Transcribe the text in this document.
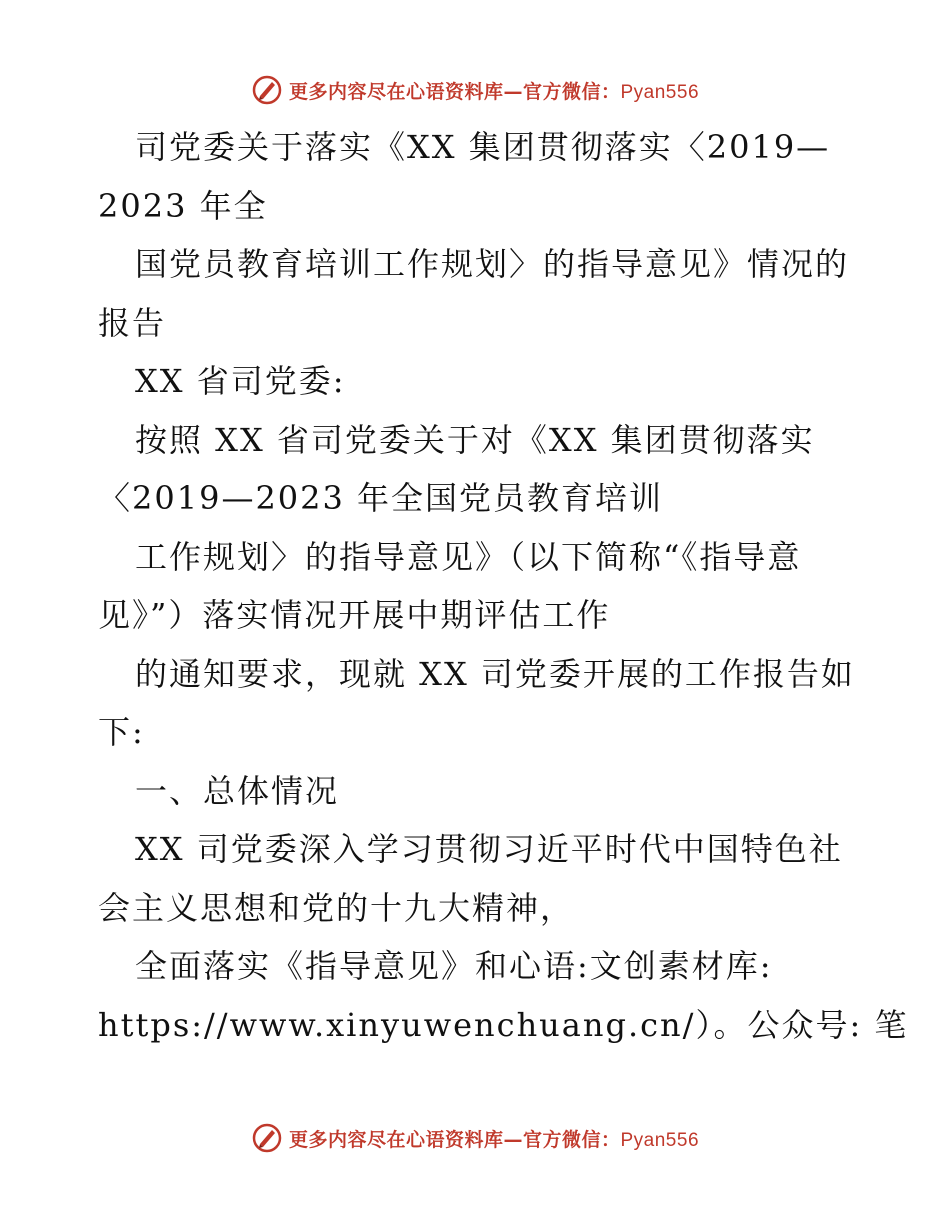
更多内容尽在心语资料库—官方微信：Pyan556
司党委关于落实《XX 集团贯彻落实〈2019—
2023 年全
国党员教育培训工作规划〉的指导意见》情况的
报告
XX 省司党委:
按照 XX 省司党委关于对《XX 集团贯彻落实
〈2019—2023 年全国党员教育培训
工作规划〉的指导意见》（以下简称“《指导意
见》”）落实情况开展中期评估工作
的通知要求，现就 XX 司党委开展的工作报告如
下:
一、总体情况
XX 司党委深入学习贯彻习近平时代中国特色社
会主义思想和党的十九大精神，
全面落实《指导意见》和心语:文创素材库:
https://www.xinyuwenchuang.cn/）。公众号: 笔
更多内容尽在心语资料库—官方微信：Pyan556
